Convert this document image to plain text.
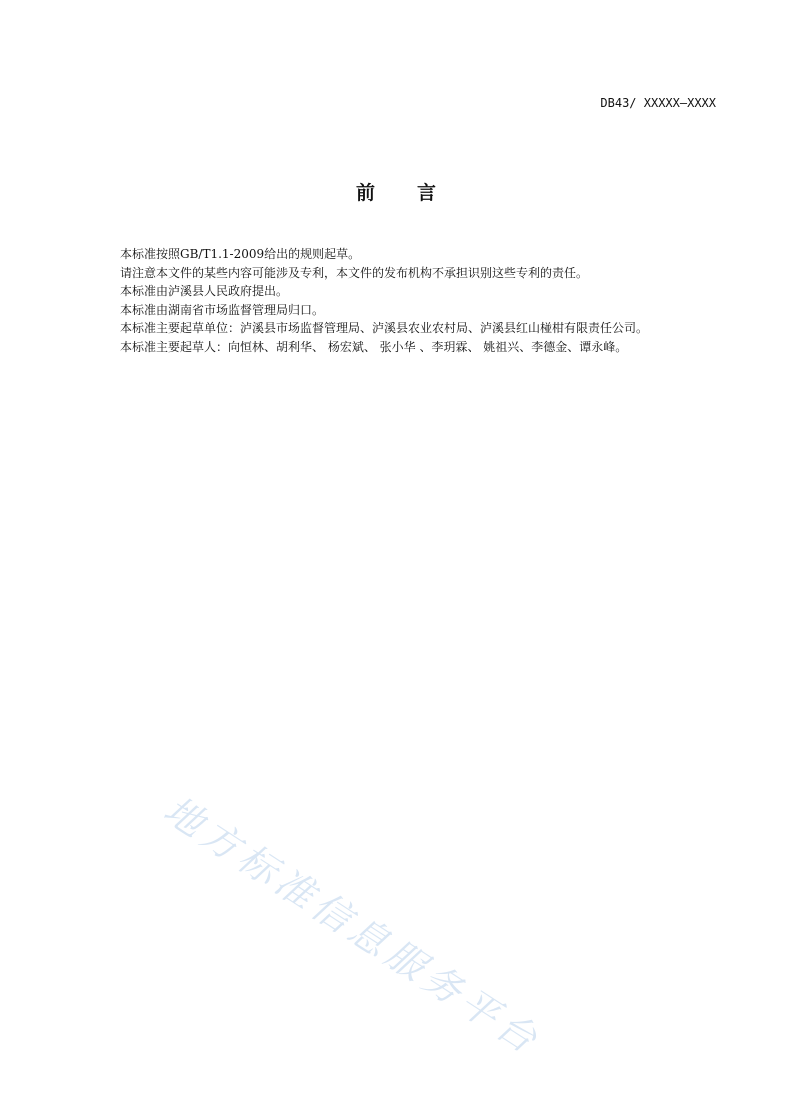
DB43/ XXXXX—XXXX
前 言

本标准按照GB/T1.1-2009给出的规则起草。

请注意本文件的某些内容可能涉及专利，本文件的发布机构不承担识别这些专利的责任。

本标准由泸溪县人民政府提出。

本标准由湖南省市场监督管理局归口。

本标准主要起草单位：泸溪县市场监督管理局、泸溪县农业农村局、泸溪县红山椪柑有限责任公司。

本标准主要起草人：向恒林、胡利华、 杨宏斌、 张小华 、李玥霖、 姚祖兴、李德金、谭永峰。

地方标准信息服务平台
